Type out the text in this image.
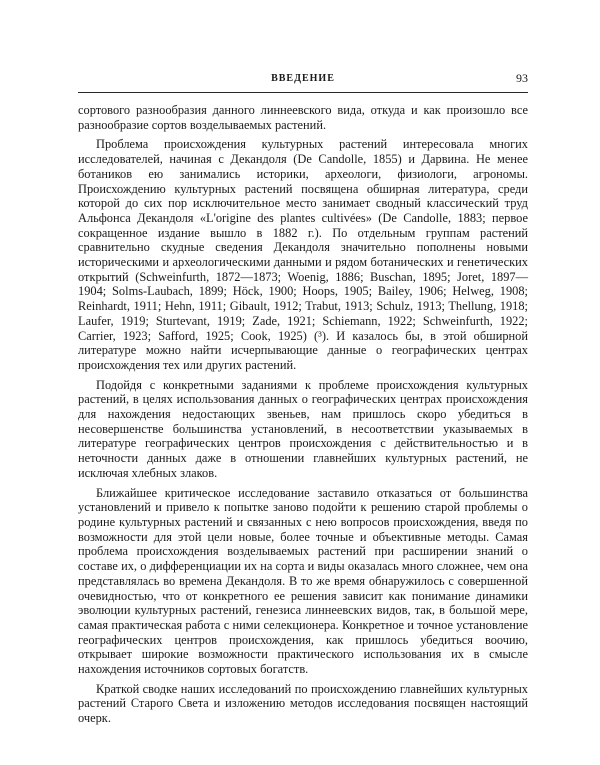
ВВЕДЕНИЕ	93

сортового разнообразия данного линнеевского вида, откуда и как произошло все разнообразие сортов возделываемых растений.

Проблема происхождения культурных растений интересовала многих исследователей, начиная с Декандоля (De Candolle, 1855) и Дарвина. Не менее ботаников ею занимались историки, археологи, физиологи, агрономы. Происхождению культурных растений посвящена обширная литература, среди которой до сих пор исключительное место занимает сводный классический труд Альфонса Декандоля «L'origine des plantes cultivées» (De Candolle, 1883; первое сокращенное издание вышло в 1882 г.). По отдельным группам растений сравнительно скудные сведения Декандоля значительно пополнены новыми историческими и археологическими данными и рядом ботанических и генетических открытий (Schweinfurth, 1872—1873; Woenig, 1886; Buschan, 1895; Joret, 1897—1904; Solms-Laubach, 1899; Höck, 1900; Hoops, 1905; Bailey, 1906; Helweg, 1908; Reinhardt, 1911; Hehn, 1911; Gibault, 1912; Trabut, 1913; Schulz, 1913; Thellung, 1918; Laufer, 1919; Sturtevant, 1919; Zade, 1921; Schiemann, 1922; Schweinfurth, 1922; Carrier, 1923; Safford, 1925; Cook, 1925) (³). И казалось бы, в этой обширной литературе можно найти исчерпывающие данные о географических центрах происхождения тех или других растений.

Подойдя с конкретными заданиями к проблеме происхождения культурных растений, в целях использования данных о географических центрах происхождения для нахождения недостающих звеньев, нам пришлось скоро убедиться в несовершенстве большинства установлений, в несоответствии указываемых в литературе географических центров происхождения с действительностью и в неточности данных даже в отношении главнейших культурных растений, не исключая хлебных злаков.

Ближайшее критическое исследование заставило отказаться от большинства установлений и привело к попытке заново подойти к решению старой проблемы о родине культурных растений и связанных с нею вопросов происхождения, введя по возможности для этой цели новые, более точные и объективные методы. Самая проблема происхождения возделываемых растений при расширении знаний о составе их, о дифференциации их на сорта и виды оказалась много сложнее, чем она представлялась во времена Декандоля. В то же время обнаружилось с совершенной очевидностью, что от конкретного ее решения зависит как понимание динамики эволюции культурных растений, генезиса линнеевских видов, так, в большой мере, самая практическая работа с ними селекционера. Конкретное и точное установление географических центров происхождения, как пришлось убедиться воочию, открывает широкие возможности практического использования их в смысле нахождения источников сортовых богатств.

Краткой сводке наших исследований по происхождению главнейших культурных растений Старого Света и изложению методов исследования посвящен настоящий очерк.
